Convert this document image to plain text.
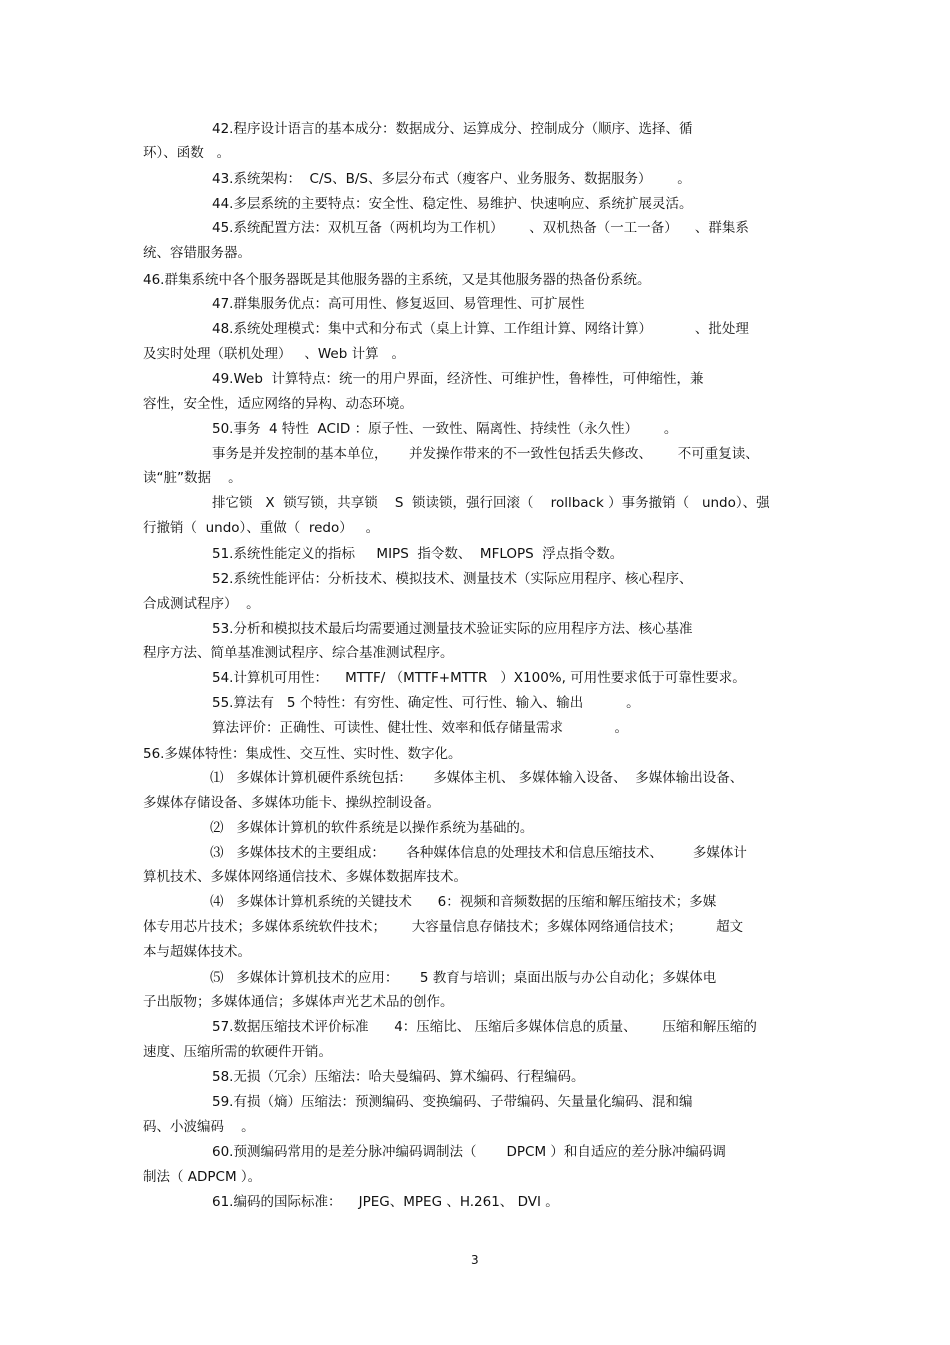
42.程序设计语言的基本成分：数据成分、运算成分、控制成分（顺序、选择、循
环）、函数   。
43.系统架构：  C/S、B/S、多层分布式（瘦客户、业务服务、数据服务）      。
44.多层系统的主要特点：安全性、稳定性、易维护、快速响应、系统扩展灵活。
45.系统配置方法：双机互备（两机均为工作机）      、双机热备（一工一备）    、群集系
统、容错服务器。
46.群集系统中各个服务器既是其他服务器的主系统，又是其他服务器的热备份系统。
47.群集服务优点：高可用性、修复返回、易管理性、可扩展性
48.系统处理模式：集中式和分布式（桌上计算、工作组计算、网络计算）          、批处理
及实时处理（联机处理）   、Web 计算   。
49.Web  计算特点：统一的用户界面，经济性、可维护性，鲁棒性，可伸缩性，兼
容性，安全性，适应网络的异构、动态环境。
50.事务  4 特性  ACID ：原子性、一致性、隔离性、持续性（永久性）      。
事务是并发控制的基本单位，     并发操作带来的不一致性包括丢失修改、      不可重复读、
读“脏”数据    。
排它锁   X  锁写锁，共享锁    S  锁读锁，强行回滚（    rollback ）事务撤销（   undo）、强
行撤销（  undo）、重做（  redo）   。
51.系统性能定义的指标     MIPS  指令数、  MFLOPS  浮点指令数。
52.系统性能评估：分析技术、模拟技术、测量技术（实际应用程序、核心程序、
合成测试程序）  。
53.分析和模拟技术最后均需要通过测量技术验证实际的应用程序方法、核心基准
程序方法、简单基准测试程序、综合基准测试程序。
54.计算机可用性：    MTTF/ （MTTF+MTTR   ）X100%, 可用性要求低于可靠性要求。
55.算法有   5 个特性：有穷性、确定性、可行性、输入、输出          。
算法评价：正确性、可读性、健壮性、效率和低存储量需求            。
56.多媒体特性：集成性、交互性、实时性、数字化。
⑴   多媒体计算机硬件系统包括：     多媒体主机、 多媒体输入设备、  多媒体输出设备、
多媒体存储设备、多媒体功能卡、操纵控制设备。
⑵   多媒体计算机的软件系统是以操作系统为基础的。
⑶   多媒体技术的主要组成：     各种媒体信息的处理技术和信息压缩技术、       多媒体计
算机技术、多媒体网络通信技术、多媒体数据库技术。
⑷   多媒体计算机系统的关键技术      6：视频和音频数据的压缩和解压缩技术；多媒
体专用芯片技术；多媒体系统软件技术；      大容量信息存储技术；多媒体网络通信技术；        超文
本与超媒体技术。
⑸   多媒体计算机技术的应用：     5 教育与培训；桌面出版与办公自动化；多媒体电
子出版物；多媒体通信；多媒体声光艺术品的创作。
57.数据压缩技术评价标准      4：压缩比、 压缩后多媒体信息的质量、      压缩和解压缩的
速度、压缩所需的软硬件开销。
58.无损（冗余）压缩法：哈夫曼编码、算术编码、行程编码。
59.有损（熵）压缩法：预测编码、变换编码、子带编码、矢量量化编码、混和编
码、小波编码    。
60.预测编码常用的是差分脉冲编码调制法（       DPCM ）和自适应的差分脉冲编码调
制法（ ADPCM ）。
61.编码的国际标准：    JPEG、MPEG 、H.261、 DVI 。
3
